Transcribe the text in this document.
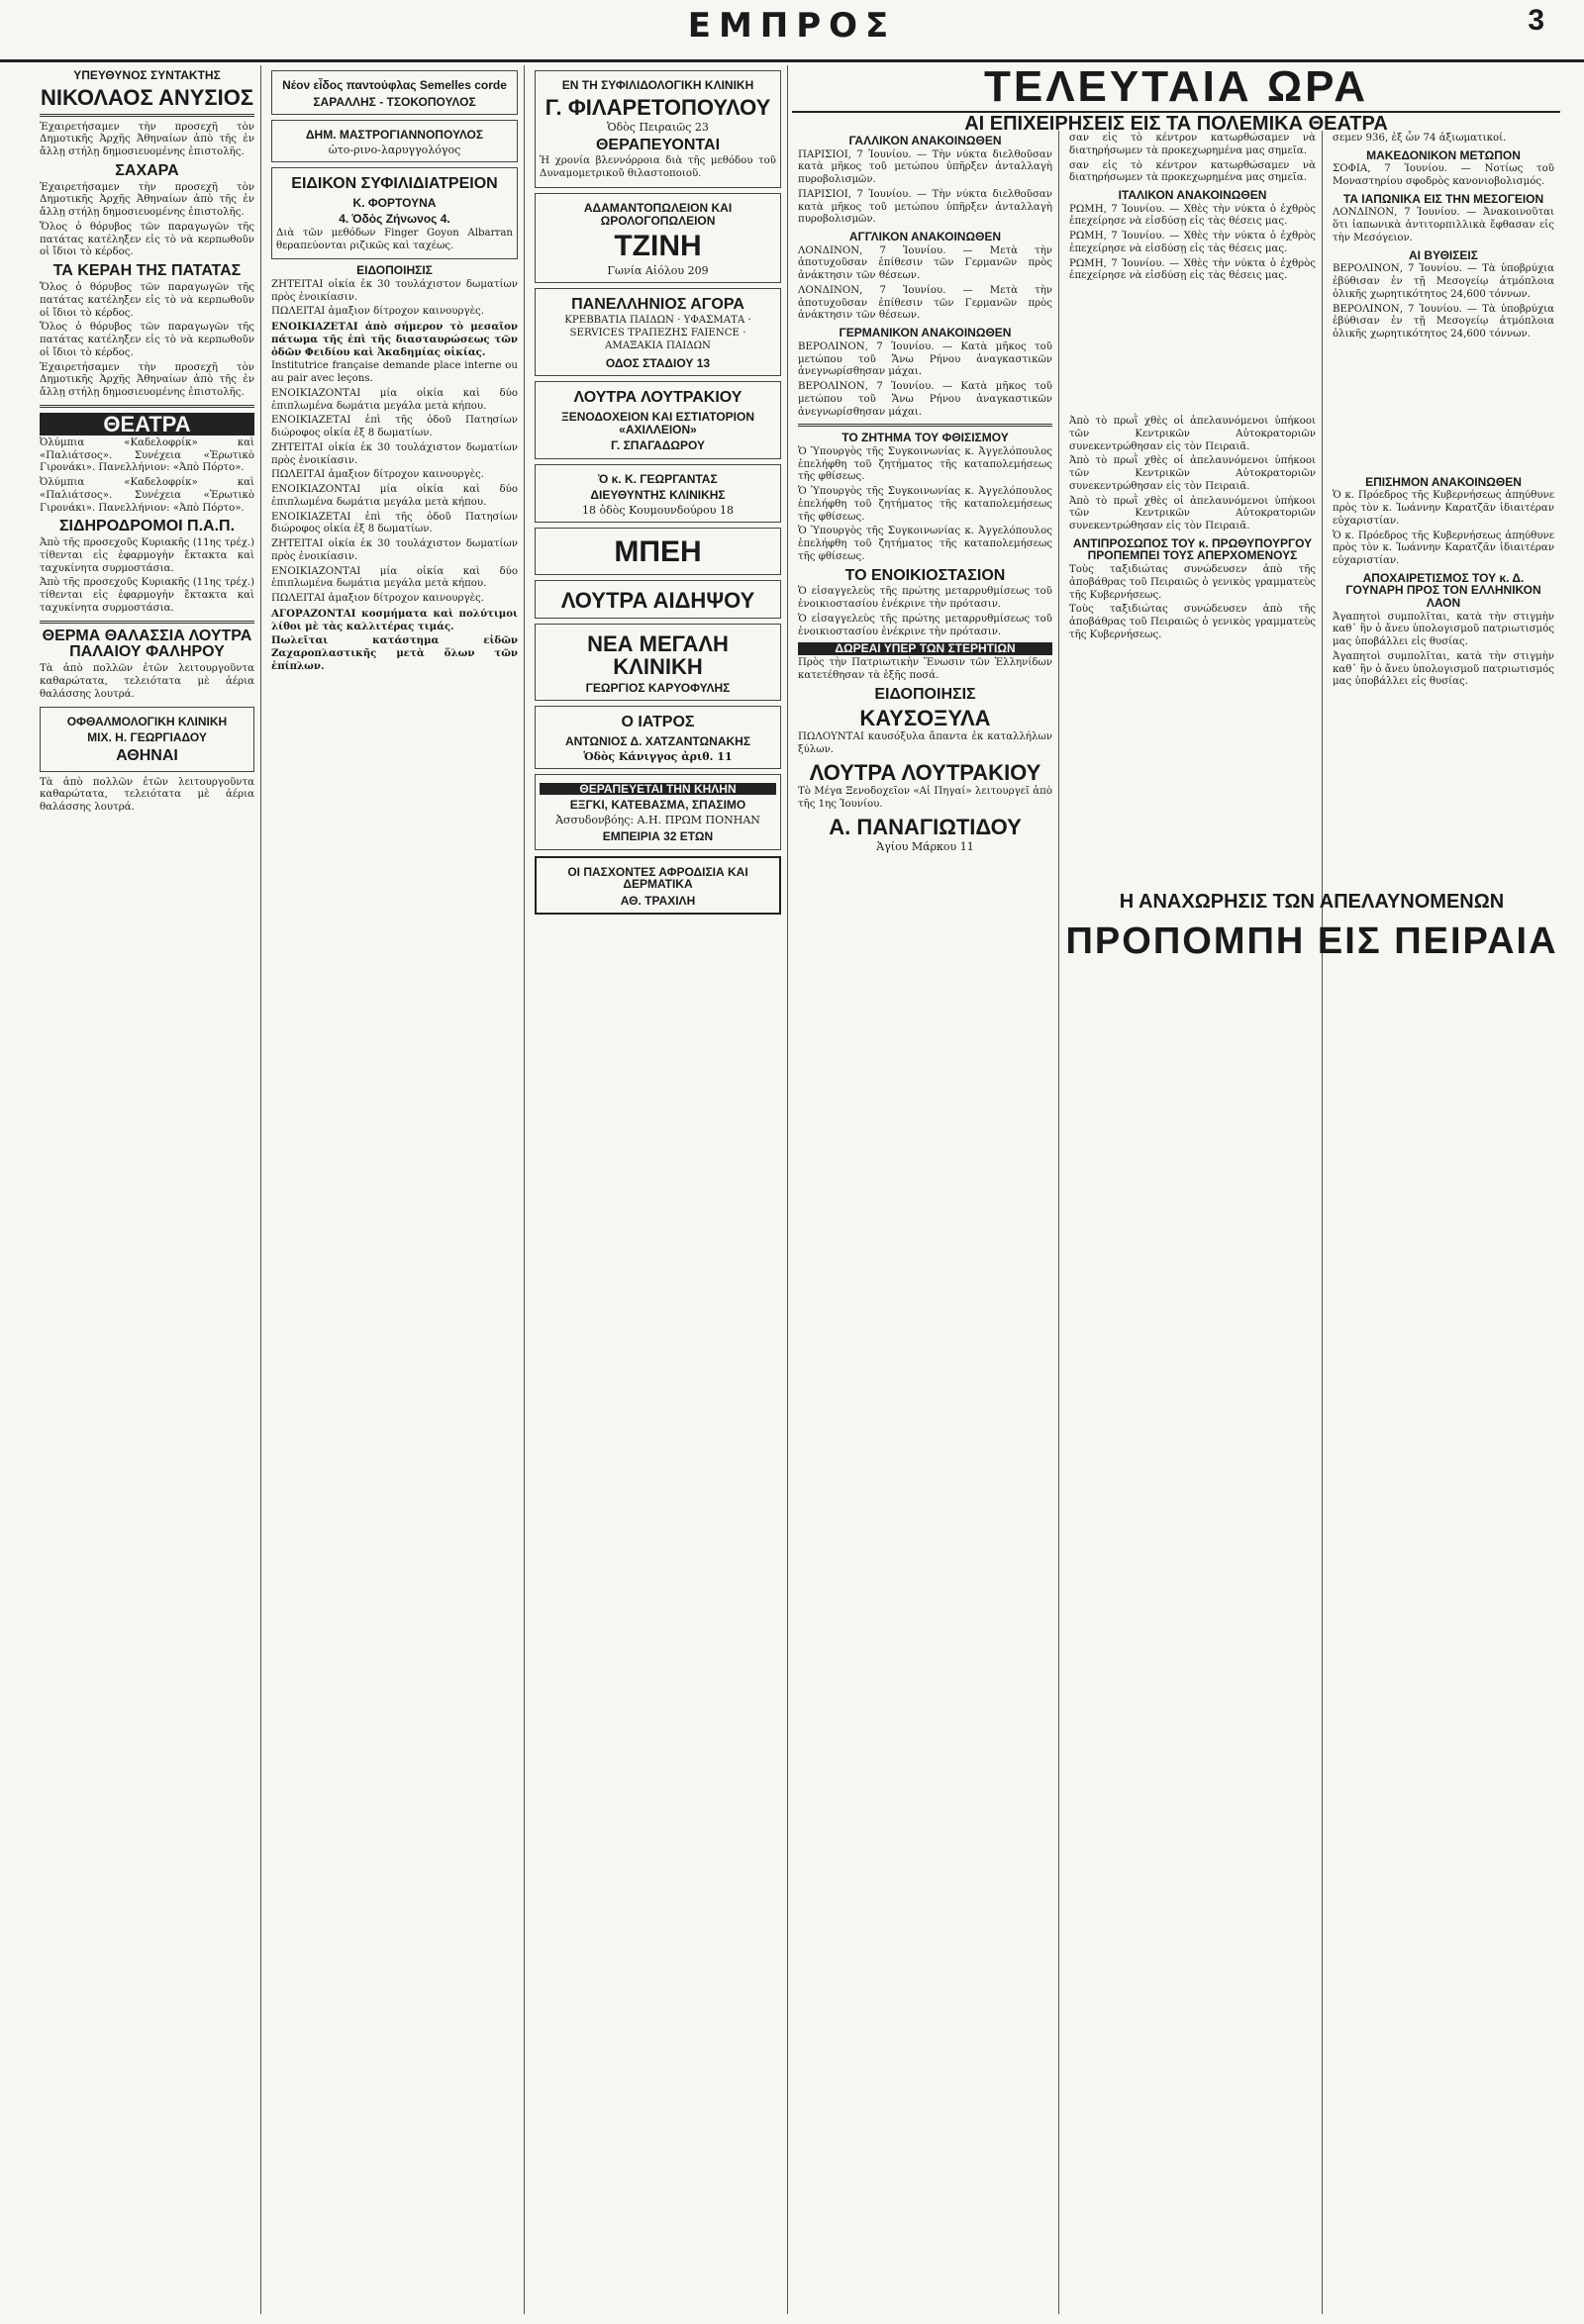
ΕΜΠΡΟΣ	3
ΥΠΕΥΘΥΝΟΣ ΣΥΝΤΑΚΤΗΣ
ΝΙΚΟΛΑΟΣ ΑΝΥΣΙΟΣ

Ἐχαιρετήσαμεν τὴν προσεχῆ τὸν Δημοτικῆς Ἀρχῆς Ἀθηναίων ἀπὸ τῆς ἐν ἄλλῃ στήλῃ δημοσιευομένης ἐπιστολῆς.

ΣΑΧΑΡΑ

Ἐχαιρετήσαμεν τὴν προσεχῆ τὸν Δημοτικῆς Ἀρχῆς Ἀθηναίων ἀπὸ τῆς ἐν ἄλλῃ στήλῃ δημοσιευομένης ἐπιστολῆς.

Ὅλος ὁ θόρυβος τῶν παραγωγῶν τῆς πατάτας κατέληξεν εἰς τὸ νὰ κερπωθοῦν οἱ ἴδιοι τὸ κέρδος.

ΤΑ ΚΕΡΑΗ ΤΗΣ ΠΑΤΑΤΑΣ

Ὅλος ὁ θόρυβος τῶν παραγωγῶν τῆς πατάτας κατέληξεν εἰς τὸ νὰ κερπωθοῦν οἱ ἴδιοι τὸ κέρδος.

Ὅλος ὁ θόρυβος τῶν παραγωγῶν τῆς πατάτας κατέληξεν εἰς τὸ νὰ κερπωθοῦν οἱ ἴδιοι τὸ κέρδος.

Ἐχαιρετήσαμεν τὴν προσεχῆ τὸν Δημοτικῆς Ἀρχῆς Ἀθηναίων ἀπὸ τῆς ἐν ἄλλῃ στήλῃ δημοσιευομένης ἐπιστολῆς.

ΘΕΑΤΡΑ

Ὀλύμπια «Καδελοφρίκ» καὶ «Παλιάτσος». Συνέχεια «Ἐρωτικὸ Γιρονάκι». Πανελλήνιον: «Ἀπὸ Πόρτο».

Ὀλύμπια «Καδελοφρίκ» καὶ «Παλιάτσος». Συνέχεια «Ἐρωτικὸ Γιρονάκι». Πανελλήνιον: «Ἀπὸ Πόρτο».

ΣΙΔΗΡΟΔΡΟΜΟΙ Π.Α.Π.

Ἀπὸ τῆς προσεχοῦς Κυριακῆς (11ης τρέχ.) τίθενται εἰς ἐφαρμογὴν ἔκτακτα καὶ ταχυκίνητα συρμοστάσια.

Ἀπὸ τῆς προσεχοῦς Κυριακῆς (11ης τρέχ.) τίθενται εἰς ἐφαρμογὴν ἔκτακτα καὶ ταχυκίνητα συρμοστάσια.

ΘΕΡΜΑ ΘΑΛΑΣΣΙΑ ΛΟΥΤΡΑ ΠΑΛΑΙΟΥ ΦΑΛΗΡΟΥ

Τὰ ἀπὸ πολλῶν ἐτῶν λειτουργοῦντα καθαρώτατα, τελειότατα μὲ ἀέρια θαλάσσης λουτρά.

ΟΦΘΑΛΜΟΛΟΓΙΚΗ ΚΛΙΝΙΚΗ
ΜΙΧ. Η. ΓΕΩΡΓΙΑΔΟΥ
ΑΘΗΝΑΙ

Τὰ ἀπὸ πολλῶν ἐτῶν λειτουργοῦντα καθαρώτατα, τελειότατα μὲ ἀέρια θαλάσσης λουτρά.

Νέον εἶδος παντούφλας Semelles corde
ΣΑΡΑΛΛΗΣ - ΤΣΟΚΟΠΟΥΛΟΣ
ΔΗΜ. ΜΑΣΤΡΟΓΙΑΝΝΟΠΟΥΛΟΣ
ὠτο-ρινο-λαρυγγολόγος
ΕΙΔΙΚΟΝ ΣΥΦΙΛΙΔΙΑΤΡΕΙΟΝ
Κ. ΦΟΡΤΟΥΝΑ
4. Ὁδὸς Ζήνωνος 4.

Διὰ τῶν μεθόδων Finger Goyon Albarran θεραπεύονται ριζικῶς καὶ ταχέως.

ΕΙΔΟΠΟΙΗΣΙΣ

ΖΗΤΕΙΤΑΙ οἰκία ἐκ 30 τουλάχιστον δωματίων πρὸς ἐνοικίασιν.

ΠΩΛΕΙΤΑΙ ἁμαξιον δίτροχον καινουργὲς.

ΕΝΟΙΚΙΑΖΕΤΑΙ ἀπὸ σήμερον τὸ μεσαῖον πάτωμα τῆς ἐπὶ τῆς διασταυρώσεως τῶν ὁδῶν Φειδίου καὶ Ἀκαδημίας οἰκίας.

Institutrice française demande place interne ou au pair avec leçons.

ΕΝΟΙΚΙΑΖΟΝΤΑΙ μία οἰκία καὶ δύο ἐπιπλωμένα δωμάτια μεγάλα μετὰ κήπου.

ΕΝΟΙΚΙΑΖΕΤΑΙ ἐπὶ τῆς ὁδοῦ Πατησίων διώροφος οἰκία ἐξ 8 δωματίων.

ΖΗΤΕΙΤΑΙ οἰκία ἐκ 30 τουλάχιστον δωματίων πρὸς ἐνοικίασιν.

ΠΩΛΕΙΤΑΙ ἁμαξιον δίτροχον καινουργὲς.

ΕΝΟΙΚΙΑΖΟΝΤΑΙ μία οἰκία καὶ δύο ἐπιπλωμένα δωμάτια μεγάλα μετὰ κήπου.

ΕΝΟΙΚΙΑΖΕΤΑΙ ἐπὶ τῆς ὁδοῦ Πατησίων διώροφος οἰκία ἐξ 8 δωματίων.

ΖΗΤΕΙΤΑΙ οἰκία ἐκ 30 τουλάχιστον δωματίων πρὸς ἐνοικίασιν.

ΕΝΟΙΚΙΑΖΟΝΤΑΙ μία οἰκία καὶ δύο ἐπιπλωμένα δωμάτια μεγάλα μετὰ κήπου.

ΠΩΛΕΙΤΑΙ ἁμαξιον δίτροχον καινουργὲς.

ΑΓΟΡΑΖΟΝΤΑΙ κοσμήματα καὶ πολύτιμοι λίθοι μὲ τὰς καλλιτέρας τιμάς.

Πωλεῖται κατάστημα εἰδῶν Ζαχαροπλαστικῆς μετὰ ὅλων τῶν ἐπίπλων.

ΕΝ ΤΗ ΣΥΦΙΛΙΔΟΛΟΓΙΚΗ ΚΛΙΝΙΚΗ
Γ. ΦΙΛΑΡΕΤΟΠΟΥΛΟΥ
Ὁδὸς Πειραιῶς 23
ΘΕΡΑΠΕΥΟΝΤΑΙ

Ἡ χρονία βλεννόρροια διὰ τῆς μεθόδου τοῦ Δυναμομετρικοῦ θιλαστοποιοῦ.

ΑΔΑΜΑΝΤΟΠΩΛΕΙΟΝ ΚΑΙ ΩΡΟΛΟΓΟΠΩΛΕΙΟΝ
ΤΖΙΝΗ
Γωνία Αἰόλου 209
ΠΑΝΕΛΛΗΝΙΟΣ ΑΓΟΡΑ

ΚΡΕΒΒΑΤΙΑ ΠΑΙΔΩΝ · ΥΦΑΣΜΑΤΑ · SERVICES ΤΡΑΠΕΖΗΣ FAIENCE · ΑΜΑΞΑΚΙΑ ΠΑΙΔΩΝ

ΟΔΟΣ ΣΤΑΔΙΟΥ 13
ΛΟΥΤΡΑ ΛΟΥΤΡΑΚΙΟΥ
ΞΕΝΟΔΟΧΕΙΟΝ ΚΑΙ ΕΣΤΙΑΤΟΡΙΟΝ «ΑΧΙΛΛΕΙΟΝ»
Γ. ΣΠΑΓΑΔΩΡΟΥ
Ὁ κ. Κ. ΓΕΩΡΓΑΝΤΑΣ
ΔΙΕΥΘΥΝΤΗΣ ΚΛΙΝΙΚΗΣ
18 ὁδὸς Κουμουνδούρου 18
ΜΠΕΗ
ΛΟΥΤΡΑ ΑΙΔΗΨΟΥ
ΝΕΑ ΜΕΓΑΛΗ ΚΛΙΝΙΚΗ
ΓΕΩΡΓΙΟΣ ΚΑΡΥΟΦΥΛΗΣ
Ο ΙΑΤΡΟΣ
ΑΝΤΩΝΙΟΣ Δ. ΧΑΤΖΑΝΤΩΝΑΚΗΣ
Ὁδὸς Κάνιγγος ἀριθ. 11
ΘΕΡΑΠΕΥΕΤΑΙ ΤΗΝ ΚΗΛΗΝ
ΕΞΓΚΙ, ΚΑΤΕΒΑΣΜΑ, ΣΠΑΣΙΜΟ
Ἀσσυδονβόης: Α.Η. ΠΡΩΜ ΠΟΝΗΑΝ
ΕΜΠΕΙΡΙΑ 32 ΕΤΩΝ
ΟΙ ΠΑΣΧΟΝΤΕΣ ΑΦΡΟΔΙΣΙΑ ΚΑΙ ΔΕΡΜΑΤΙΚΑ
ΑΘ. ΤΡΑΧΙΛΗ
ΤΕΛΕΥΤΑΙΑ ΩΡΑ
ΑΙ ΕΠΙΧΕΙΡΗΣΕΙΣ ΕΙΣ ΤΑ ΠΟΛΕΜΙΚΑ ΘΕΑΤΡΑ
ΓΑΛΛΙΚΟΝ ΑΝΑΚΟΙΝΩΘΕΝ

ΠΑΡΙΣΙΟΙ, 7 Ἰουνίου. — Τὴν νύκτα διελθοῦσαν κατὰ μῆκος τοῦ μετώπου ὑπῆρξεν ἀνταλλαγὴ πυροβολισμῶν.

ΠΑΡΙΣΙΟΙ, 7 Ἰουνίου. — Τὴν νύκτα διελθοῦσαν κατὰ μῆκος τοῦ μετώπου ὑπῆρξεν ἀνταλλαγὴ πυροβολισμῶν.

ΑΓΓΛΙΚΟΝ ΑΝΑΚΟΙΝΩΘΕΝ

ΛΟΝΔΙΝΟΝ, 7 Ἰουνίου. — Μετὰ τὴν ἀποτυχοῦσαν ἐπίθεσιν τῶν Γερμανῶν πρὸς ἀνάκτησιν τῶν θέσεων.

ΛΟΝΔΙΝΟΝ, 7 Ἰουνίου. — Μετὰ τὴν ἀποτυχοῦσαν ἐπίθεσιν τῶν Γερμανῶν πρὸς ἀνάκτησιν τῶν θέσεων.

ΓΕΡΜΑΝΙΚΟΝ ΑΝΑΚΟΙΝΩΘΕΝ

ΒΕΡΟΛΙΝΟΝ, 7 Ἰουνίου. — Κατὰ μῆκος τοῦ μετώπου τοῦ Ἄνω Ρήνου ἀναγκαστικῶν ἀνεγνωρίσθησαν μάχαι.

ΒΕΡΟΛΙΝΟΝ, 7 Ἰουνίου. — Κατὰ μῆκος τοῦ μετώπου τοῦ Ἄνω Ρήνου ἀναγκαστικῶν ἀνεγνωρίσθησαν μάχαι.

ΤΟ ΖΗΤΗΜΑ ΤΟΥ ΦΘΙΣΙΣΜΟΥ

Ὁ Ὑπουργὸς τῆς Συγκοινωνίας κ. Ἀγγελόπουλος ἐπελήφθη τοῦ ζητήματος τῆς καταπολεμήσεως τῆς φθίσεως.

Ὁ Ὑπουργὸς τῆς Συγκοινωνίας κ. Ἀγγελόπουλος ἐπελήφθη τοῦ ζητήματος τῆς καταπολεμήσεως τῆς φθίσεως.

Ὁ Ὑπουργὸς τῆς Συγκοινωνίας κ. Ἀγγελόπουλος ἐπελήφθη τοῦ ζητήματος τῆς καταπολεμήσεως τῆς φθίσεως.

ΤΟ ΕΝΟΙΚΙΟΣΤΑΣΙΟΝ

Ὁ εἰσαγγελεὺς τῆς πρώτης μεταρρυθμίσεως τοῦ ἐνοικιοστασίου ἐνέκρινε τὴν πρότασιν.

Ὁ εἰσαγγελεὺς τῆς πρώτης μεταρρυθμίσεως τοῦ ἐνοικιοστασίου ἐνέκρινε τὴν πρότασιν.

ΔΩΡΕΑΙ ΥΠΕΡ ΤΩΝ ΣΤΕΡΗΤΙΩΝ

Πρὸς τὴν Πατριωτικὴν Ἕνωσιν τῶν Ἑλληνίδων κατετέθησαν τὰ ἑξῆς ποσά.

ΕΙΔΟΠΟΙΗΣΙΣ
ΚΑΥΣΟΞΥΛΑ

ΠΩΛΟΥΝΤΑΙ καυσόξυλα ἄπαντα ἐκ καταλλήλων ξύλων.

ΛΟΥΤΡΑ ΛΟΥΤΡΑΚΙΟΥ

Τὸ Μέγα Ξενοδοχεῖον «Αἱ Πηγαί» λειτουργεῖ ἀπὸ τῆς 1ης Ἰουνίου.

Α. ΠΑΝΑΓΙΩΤΙΔΟΥ
Ἁγίου Μάρκου 11

σαν εἰς τὸ κέντρον κατωρθώσαμεν νὰ διατηρήσωμεν τὰ προκεχωρημένα μας σημεῖα.

σαν εἰς τὸ κέντρον κατωρθώσαμεν νὰ διατηρήσωμεν τὰ προκεχωρημένα μας σημεῖα.

ΙΤΑΛΙΚΟΝ ΑΝΑΚΟΙΝΩΘΕΝ

ΡΩΜΗ, 7 Ἰουνίου. — Χθὲς τὴν νύκτα ὁ ἐχθρὸς ἐπεχείρησε νὰ εἰσδύσῃ εἰς τὰς θέσεις μας.

ΡΩΜΗ, 7 Ἰουνίου. — Χθὲς τὴν νύκτα ὁ ἐχθρὸς ἐπεχείρησε νὰ εἰσδύσῃ εἰς τὰς θέσεις μας.

ΡΩΜΗ, 7 Ἰουνίου. — Χθὲς τὴν νύκτα ὁ ἐχθρὸς ἐπεχείρησε νὰ εἰσδύσῃ εἰς τὰς θέσεις μας.

Ἀπὸ τὸ πρωῒ χθὲς οἱ ἀπελαυνόμενοι ὑπήκοοι τῶν Κεντρικῶν Αὐτοκρατοριῶν συνεκεντρώθησαν εἰς τὸν Πειραιᾶ.

Ἀπὸ τὸ πρωῒ χθὲς οἱ ἀπελαυνόμενοι ὑπήκοοι τῶν Κεντρικῶν Αὐτοκρατοριῶν συνεκεντρώθησαν εἰς τὸν Πειραιᾶ.

Ἀπὸ τὸ πρωῒ χθὲς οἱ ἀπελαυνόμενοι ὑπήκοοι τῶν Κεντρικῶν Αὐτοκρατοριῶν συνεκεντρώθησαν εἰς τὸν Πειραιᾶ.

ΑΝΤΙΠΡΟΣΩΠΟΣ ΤΟΥ κ. ΠΡΩΘΥΠΟΥΡΓΟΥ ΠΡΟΠΕΜΠΕΙ ΤΟΥΣ ΑΠΕΡΧΟΜΕΝΟΥΣ

Τοὺς ταξιδιώτας συνώδευσεν ἀπὸ τῆς ἀποβάθρας τοῦ Πειραιῶς ὁ γενικὸς γραμματεὺς τῆς Κυβερνήσεως.

Τοὺς ταξιδιώτας συνώδευσεν ἀπὸ τῆς ἀποβάθρας τοῦ Πειραιῶς ὁ γενικὸς γραμματεὺς τῆς Κυβερνήσεως.

Η ΑΝΑΧΩΡΗΣΙΣ ΤΩΝ ΑΠΕΛΑΥΝΟΜΕΝΩΝ
ΠΡΟΠΟΜΠΗ ΕΙΣ ΠΕΙΡΑΙΑ

σεμεν 936, ἐξ ὧν 74 ἀξιωματικοί.

ΜΑΚΕΔΟΝΙΚΟΝ ΜΕΤΩΠΟΝ

ΣΟΦΙΑ, 7 Ἰουνίου. — Νοτίως τοῦ Μοναστηρίου σφοδρὸς κανονιοβολισμός.

ΤΑ ΙΑΠΩΝΙΚΑ ΕΙΣ ΤΗΝ ΜΕΣΟΓΕΙΟΝ

ΛΟΝΔΙΝΟΝ, 7 Ἰουνίου. — Ἀνακοινοῦται ὅτι ἰαπωνικὰ ἀντιτορπιλλικὰ ἔφθασαν εἰς τὴν Μεσόγειον.

ΑΙ ΒΥΘΙΣΕΙΣ

ΒΕΡΟΛΙΝΟΝ, 7 Ἰουνίου. — Τὰ ὑποβρύχια ἐβύθισαν ἐν τῇ Μεσογείῳ ἀτμόπλοια ὁλικῆς χωρητικότητος 24,600 τόννων.

ΒΕΡΟΛΙΝΟΝ, 7 Ἰουνίου. — Τὰ ὑποβρύχια ἐβύθισαν ἐν τῇ Μεσογείῳ ἀτμόπλοια ὁλικῆς χωρητικότητος 24,600 τόννων.

ΕΠΙΣΗΜΟΝ ΑΝΑΚΟΙΝΩΘΕΝ

Ὁ κ. Πρόεδρος τῆς Κυβερνήσεως ἀπηύθυνε πρὸς τὸν κ. Ἰωάννην Καρατζᾶν ἰδιαιτέραν εὐχαριστίαν.

Ὁ κ. Πρόεδρος τῆς Κυβερνήσεως ἀπηύθυνε πρὸς τὸν κ. Ἰωάννην Καρατζᾶν ἰδιαιτέραν εὐχαριστίαν.

ΑΠΟΧΑΙΡΕΤΙΣΜΟΣ ΤΟΥ κ. Δ. ΓΟΥΝΑΡΗ ΠΡΟΣ ΤΟΝ ΕΛΛΗΝΙΚΟΝ ΛΑΟΝ

Ἀγαπητοὶ συμπολῖται, κατὰ τὴν στιγμὴν καθ᾽ ἣν ὁ ἄνευ ὑπολογισμοῦ πατριωτισμός μας ὑποβάλλει εἰς θυσίας.

Ἀγαπητοὶ συμπολῖται, κατὰ τὴν στιγμὴν καθ᾽ ἣν ὁ ἄνευ ὑπολογισμοῦ πατριωτισμός μας ὑποβάλλει εἰς θυσίας.
